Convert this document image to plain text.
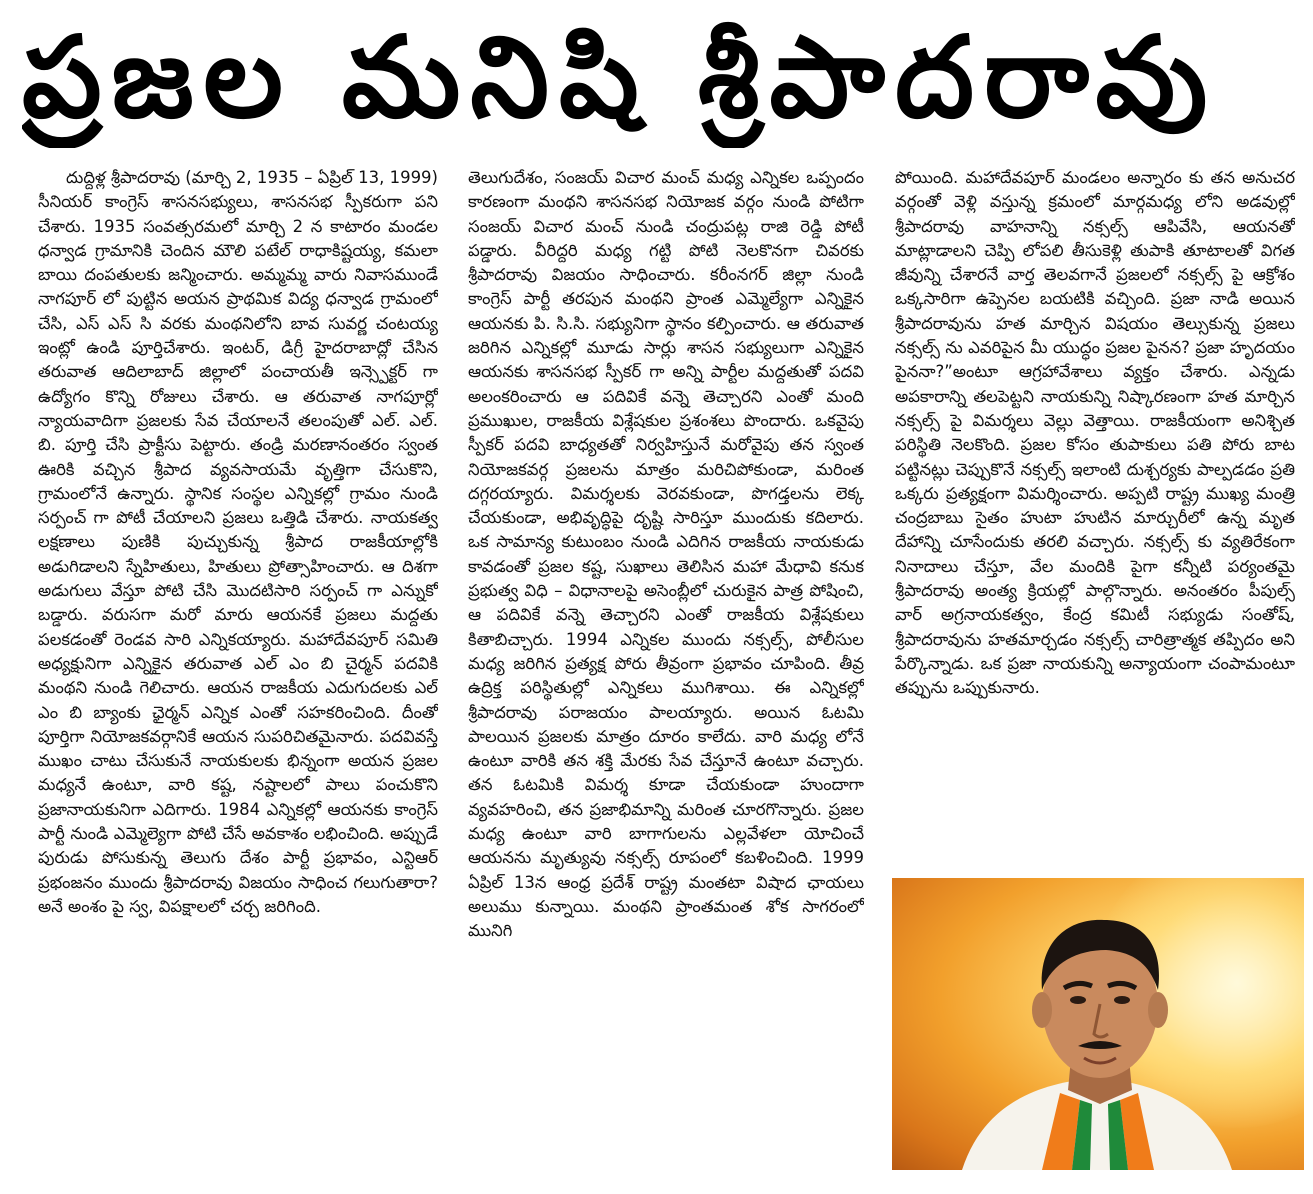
ప్రజల మనిషి శ్రీపాదరావు

దుద్దిళ్ల శ్రీపాదరావు (మార్చి 2, 1935 – ఏప్రిల్ 13, 1999) సీనియర్ కాంగ్రెస్ శాసనసభ్యులు, శాసనసభ స్పీకరుగా పని చేశారు. 1935 సంవత్సరమలో మార్చి 2 న కాటారం మండల ధన్వాడ గ్రామానికి చెందిన మౌలి పటేల్ రాధాకిష్టయ్య, కమలా బాయి దంపతులకు జన్మించారు. అమ్మమ్మ వారు నివాసముండే నాగపూర్ లో పుట్టిన అయన ప్రాథమిక విద్య ధన్వాడ గ్రామంలో చేసి, ఎస్ ఎస్ సి వరకు మంథనిలోని బావ సువర్ణ చంటయ్య ఇంట్లో ఉండి పూర్తిచేశారు. ఇంటర్, డిగ్రీ హైదరాబాద్లో చేసిన తరువాత ఆదిలాబాద్ జిల్లాలో పంచాయతీ ఇన్స్పెక్టర్ గా ఉద్యోగం కొన్ని రోజులు చేశారు. ఆ తరువాత నాగపూర్లో న్యాయవాదిగా ప్రజలకు సేవ చేయాలనే తలంపుతో ఎల్. ఎల్. బి. పూర్తి చేసి ప్రాక్టీసు పెట్టారు. తండ్రి మరణానంతరం స్వంత ఊరికి వచ్చిన శ్రీపాద వ్యవసాయమే వృత్తిగా చేసుకొని, గ్రామంలోనే ఉన్నారు. స్థానిక సంస్థల ఎన్నికల్లో గ్రామం నుండి సర్పంచ్ గా పోటీ చేయాలని ప్రజలు ఒత్తిడి చేశారు. నాయకత్వ లక్షణాలు పుణికి పుచ్చుకున్న శ్రీపాద రాజకీయాల్లోకి అడుగిడాలని స్నేహితులు, హితులు ప్రోత్సాహించారు. ఆ దిశగా అడుగులు వేస్తూ పోటి చేసి మొదటిసారి సర్పంచ్ గా ఎన్నుకో బడ్డారు. వరుసగా మరో మారు ఆయనకే ప్రజలు మద్దతు పలకడంతో రెండవ సారి ఎన్నికయ్యారు. మహాదేవపూర్ సమితి అధ్యక్షునిగా ఎన్నికైన తరువాత ఎల్ ఎం బి చైర్మన్ పదవికి మంథని నుండి గెలిచారు. ఆయన రాజకీయ ఎదుగుదలకు ఎల్ ఎం బి బ్యాంకు ఛైర్మన్ ఎన్నిక ఎంతో సహకరించింది. దీంతో పూర్తిగా నియోజకవర్గానికే ఆయన సుపరిచితమైనారు. పదవివస్తే ముఖం చాటు చేసుకునే నాయకులకు భిన్నంగా అయన ప్రజల మధ్యనే ఉంటూ, వారి కష్ట, నష్టాలలో పాలు పంచుకొని ప్రజానాయకునిగా ఎదిగారు. 1984 ఎన్నికల్లో ఆయనకు కాంగ్రెస్ పార్టీ నుండి ఎమ్మెల్యెగా పోటి చేసే అవకాశం లభించింది. అప్పుడే పురుడు పోసుకున్న తెలుగు దేశం పార్టీ ప్రభావం, ఎన్టిఆర్ ప్రభంజనం ముందు శ్రీపాదరావు విజయం సాధించ గలుగుతారా? అనే అంశం పై స్వ, విపక్షాలలో చర్చ జరిగింది.

తెలుగుదేశం, సంజయ్ విచార మంచ్ మధ్య ఎన్నికల ఒప్పందం కారణంగా మంథని శాసనసభ నియోజక వర్గం నుండి పోటిగా సంజయ్ విచార మంచ్ నుండి చంద్రుపట్ల రాజి రెడ్డి పోటీ పడ్డారు. వీరిద్దరి మధ్య గట్టి పోటి నెలకొనగా చివరకు శ్రీపాదరావు విజయం సాధించారు. కరీంనగర్ జిల్లా నుండి కాంగ్రెస్ పార్టీ తరపున మంథని ప్రాంత ఎమ్మెల్యేగా ఎన్నికైన ఆయనకు పి. సి.సి. సభ్యునిగా స్థానం కల్పించారు. ఆ తరువాత జరిగిన ఎన్నికల్లో మూడు సార్లు శాసన సభ్యులుగా ఎన్నికైన ఆయనకు శాసనసభ స్పీకర్ గా అన్ని పార్టీల మద్దతుతో పదవి అలంకరించారు ఆ పదివికే వన్నె తెచ్చారని ఎంతో మంది ప్రముఖుల, రాజకీయ విశ్లేషకుల ప్రశంశలు పొందారు. ఒకవైపు స్పీకర్ పదవి బాధ్యతతో నిర్వహిస్తునే మరోవైపు తన స్వంత నియోజకవర్గ ప్రజలను మాత్రం మరిచిపోకుండా, మరింత దగ్గరయ్యారు. విమర్శలకు వెరవకుండా, పొగడ్తలను లెక్క చేయకుండా, అభివృద్ధిపై దృష్టి సారిస్తూ ముందుకు కదిలారు. ఒక సామాన్య కుటుంబం నుండి ఎదిగిన రాజకీయ నాయకుడు కావడంతో ప్రజల కష్ట, సుఖాలు తెలిసిన మహా మేధావి కనుక ప్రభుత్వ విధి – విధానాలపై అసెంబ్లీలో చురుకైన పాత్ర పోషించి, ఆ పదివికే వన్నె తెచ్చారని ఎంతో రాజకీయ విశ్లేషకులు కితాబిచ్చారు. 1994 ఎన్నికల ముందు నక్సల్స్, పోలీసుల మధ్య జరిగిన ప్రత్యక్ష పోరు తీవ్రంగా ప్రభావం చూపింది. తీవ్ర ఉద్రిక్త పరిస్థితుల్లో ఎన్నికలు ముగిశాయి. ఈ ఎన్నికల్లో శ్రీపాదరావు పరాజయం పాలయ్యారు. అయిన ఓటమి పాలయిన ప్రజలకు మాత్రం దూరం కాలేదు. వారి మధ్య లోనే ఉంటూ వారికి తన శక్తి మేరకు సేవ చేస్తూనే ఉంటూ వచ్చారు. తన ఓటమికి విమర్శ కూడా చేయకుండా హుందాగా వ్యవహరించి, తన ప్రజాభిమాన్ని మరింత చూరగొన్నారు. ప్రజల మధ్య ఉంటూ వారి బాగాగులను ఎల్లవేళలా యోచించే ఆయనను మృత్యువు నక్సల్స్ రూపంలో కబళించింది. 1999 ఏప్రిల్ 13న ఆంధ్ర ప్రదేశ్ రాష్ట్ర మంతటా విషాద ఛాయలు అలుము కున్నాయి. మంథని ప్రాంతమంత శోక సాగరంలో మునిగి

పోయింది. మహాదేవపూర్ మండలం అన్నారం కు తన అనుచర వర్గంతో వెళ్లి వస్తున్న క్రమంలో మార్గమధ్య లోని అడవుల్లో శ్రీపాదరావు వాహనాన్ని నక్సల్స్ ఆపివేసి, ఆయనతో మాట్లాడాలని చెప్పి లోపలి తీసుకెళ్లి తుపాకి తూటాలతో విగత జీవున్ని చేశారనే వార్త తెలవగానే ప్రజలలో నక్సల్స్ పై ఆక్రోశం ఒక్కసారిగా ఉప్పెనల బయటికి వచ్చింది. ప్రజా నాడి అయిన శ్రీపాదరావును హత మార్చిన విషయం తెల్సుకున్న ప్రజలు నక్సల్స్ ను ఎవరిపైన మీ యుద్ధం ప్రజల పైనన? ప్రజా హృదయం పైననా?”అంటూ ఆగ్రహావేశాలు వ్యక్తం చేశారు. ఎన్నడు అపకారాన్ని తలపెట్టని నాయకున్ని నిష్కారణంగా హత మార్చిన నక్సల్స్ పై విమర్శలు వెల్లు వెత్తాయి. రాజకీయంగా అనిశ్చిత పరిస్థితి నెలకొంది. ప్రజల కోసం తుపాకులు పతి పోరు బాట పట్టినట్లు చెప్పుకొనే నక్సల్స్ ఇలాంటి దుశ్చర్యకు పాల్పడడం ప్రతి ఒక్కరు ప్రత్యక్షంగా విమర్శించారు. అప్పటి రాష్ట్ర ముఖ్య మంత్రి చంద్రబాబు సైతం హుటా హుటిన మార్చురీలో ఉన్న మృత దేహాన్ని చూసేందుకు తరలి వచ్చారు. నక్సల్స్ కు వ్యతిరేకంగా నినాదాలు చేస్తూ, వేల మందికి పైగా కన్నీటి పర్యంతమై శ్రీపాదరావు అంత్య క్రియల్లో పాల్గొన్నారు. అనంతరం పీపుల్స్ వార్ అగ్రనాయకత్వం, కేంద్ర కమిటీ సభ్యుడు సంతోష్, శ్రీపాదరావును హతమార్చడం నక్సల్స్ చారిత్రాత్మక తప్పిదం అని పేర్కొన్నాడు. ఒక ప్రజా నాయకున్ని అన్యాయంగా చంపామంటూ తప్పును ఒప్పుకునారు.
